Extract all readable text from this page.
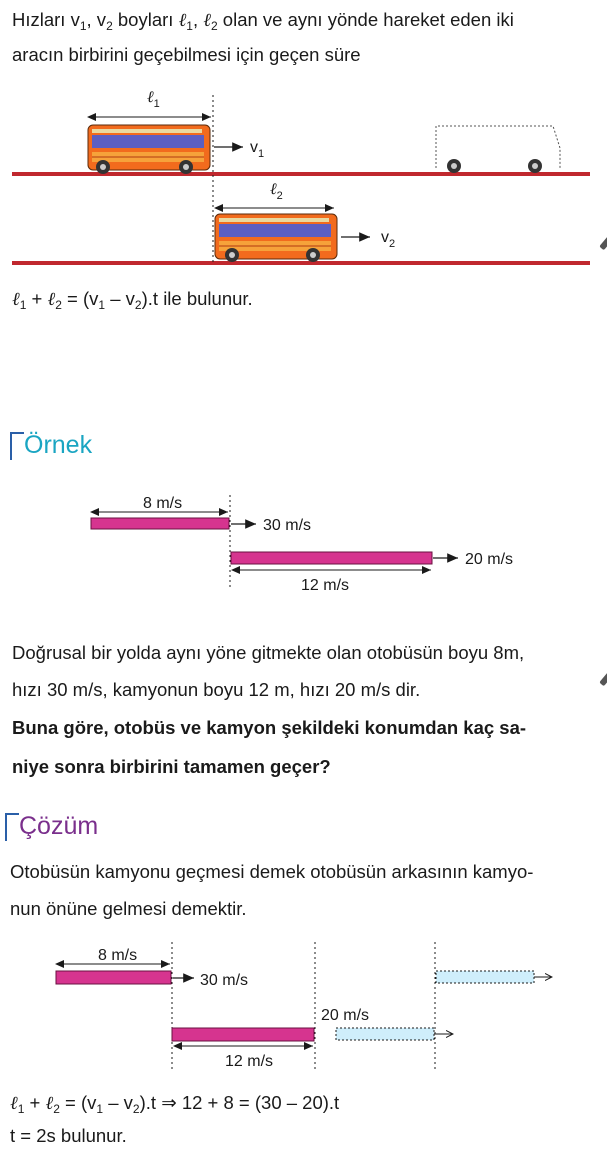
Hızları $v_1$, $v_2$ boyları ℓ$_1$, ℓ$_2$ olan ve aynı yönde hareket eden iki
aracın birbirini geçebilmesi için geçen süre
ℓ$_1$
$v_1$
ℓ$_2$
$v_2$
ℓ$_1$ + ℓ$_2$ = $(v_1 - v_2).t$ ile bulunur.
Örnek
8 m/s
30 m/s
20 m/s
12 m/s
8 m/s
30 m/s
20 m/s
12 m/s
Doğrusal bir yolda aynı yöne gitmekte olan otobüsün boyu 8m,
hızı 30 m/s, kamyonun boyu 12 m, hızı 20 m/s dir.
Buna göre, otobüs ve kamyon şekildeki konumdan kaç sa-
niye sonra birbirini tamamen geçer?
Çözüm
Otobüsün kamyonu geçmesi demek otobüsün arkasının kamyo-
nun önüne gelmesi demektir.
ℓ$_1$ + ℓ$_2$ = $(v_1 - v_2).t$ ⇒ 12 + 8 = (30 – 20).t
t = 2s bulunur.
